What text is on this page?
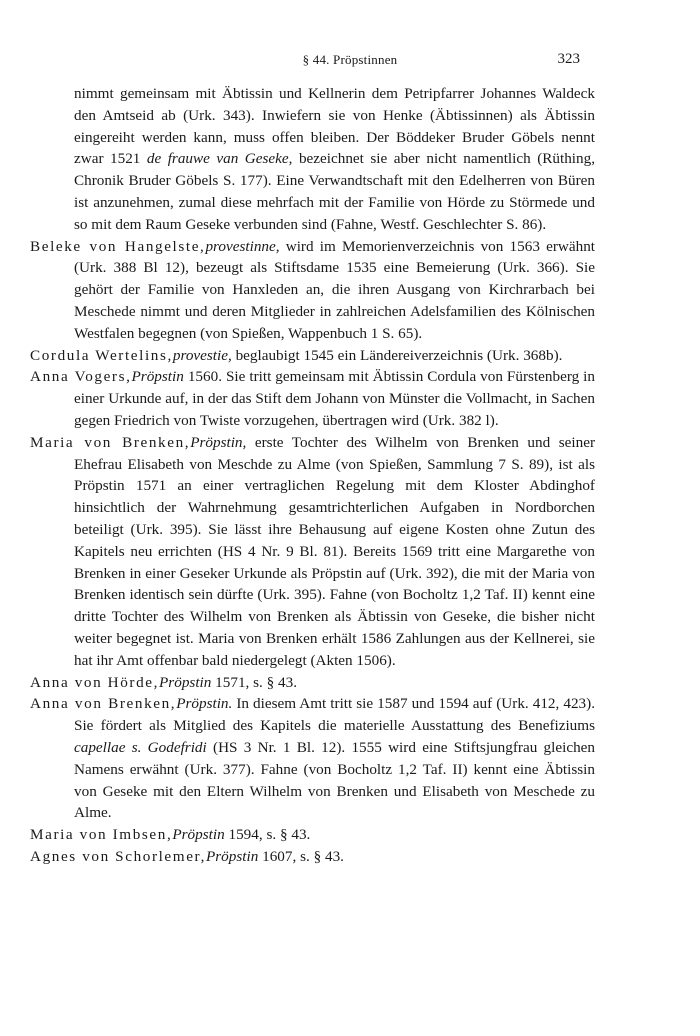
§ 44. Pröpstinnen	323

nimmt gemeinsam mit Äbtissin und Kellnerin dem Petripfarrer Johannes Waldeck den Amtseid ab (Urk. 343). Inwiefern sie von Henke (Äbtissinnen) als Äbtissin eingereiht werden kann, muss offen bleiben. Der Böddeker Bruder Göbels nennt zwar 1521 de frauwe van Geseke, bezeichnet sie aber nicht namentlich (Rüthing, Chronik Bruder Göbels S. 177). Eine Verwandtschaft mit den Edelherren von Büren ist anzunehmen, zumal diese mehrfach mit der Familie von Hörde zu Störmede und so mit dem Raum Geseke verbunden sind (Fahne, Westf. Geschlechter S. 86).

Beleke von Hangelste,provestinne, wird im Memorienverzeichnis von 1563 erwähnt (Urk. 388 Bl 12), bezeugt als Stiftsdame 1535 eine Bemeierung (Urk. 366). Sie gehört der Familie von Hanxleden an, die ihren Ausgang von Kirchrarbach bei Meschede nimmt und deren Mitglieder in zahlreichen Adelsfamilien des Kölnischen Westfalen begegnen (von Spießen, Wappenbuch 1 S. 65).

Cordula Wertelins,provestie, beglaubigt 1545 ein Ländereiverzeichnis (Urk. 368b).

Anna Vogers,Pröpstin 1560. Sie tritt gemeinsam mit Äbtissin Cordula von Fürstenberg in einer Urkunde auf, in der das Stift dem Johann von Münster die Vollmacht, in Sachen gegen Friedrich von Twiste vorzugehen, übertragen wird (Urk. 382 l).

Maria von Brenken,Pröpstin, erste Tochter des Wilhelm von Brenken und seiner Ehefrau Elisabeth von Meschde zu Alme (von Spießen, Sammlung 7 S. 89), ist als Pröpstin 1571 an einer vertraglichen Regelung mit dem Kloster Abdinghof hinsichtlich der Wahrnehmung gesamtrichterlichen Aufgaben in Nordborchen beteiligt (Urk. 395). Sie lässt ihre Behausung auf eigene Kosten ohne Zutun des Kapitels neu errichten (HS 4 Nr. 9 Bl. 81). Bereits 1569 tritt eine Margarethe von Brenken in einer Geseker Urkunde als Pröpstin auf (Urk. 392), die mit der Maria von Brenken identisch sein dürfte (Urk. 395). Fahne (von Bocholtz 1,2 Taf. II) kennt eine dritte Tochter des Wilhelm von Brenken als Äbtissin von Geseke, die bisher nicht weiter begegnet ist. Maria von Brenken erhält 1586 Zahlungen aus der Kellnerei, sie hat ihr Amt offenbar bald niedergelegt (Akten 1506).

Anna von Hörde,Pröpstin 1571, s. § 43.

Anna von Brenken,Pröpstin. In diesem Amt tritt sie 1587 und 1594 auf (Urk. 412, 423). Sie fördert als Mitglied des Kapitels die materielle Ausstattung des Benefiziums capellae s. Godefridi (HS 3 Nr. 1 Bl. 12). 1555 wird eine Stiftsjungfrau gleichen Namens erwähnt (Urk. 377). Fahne (von Bocholtz 1,2 Taf. II) kennt eine Äbtissin von Geseke mit den Eltern Wilhelm von Brenken und Elisabeth von Meschede zu Alme.

Maria von Imbsen,Pröpstin 1594, s. § 43.

Agnes von Schorlemer,Pröpstin 1607, s. § 43.
